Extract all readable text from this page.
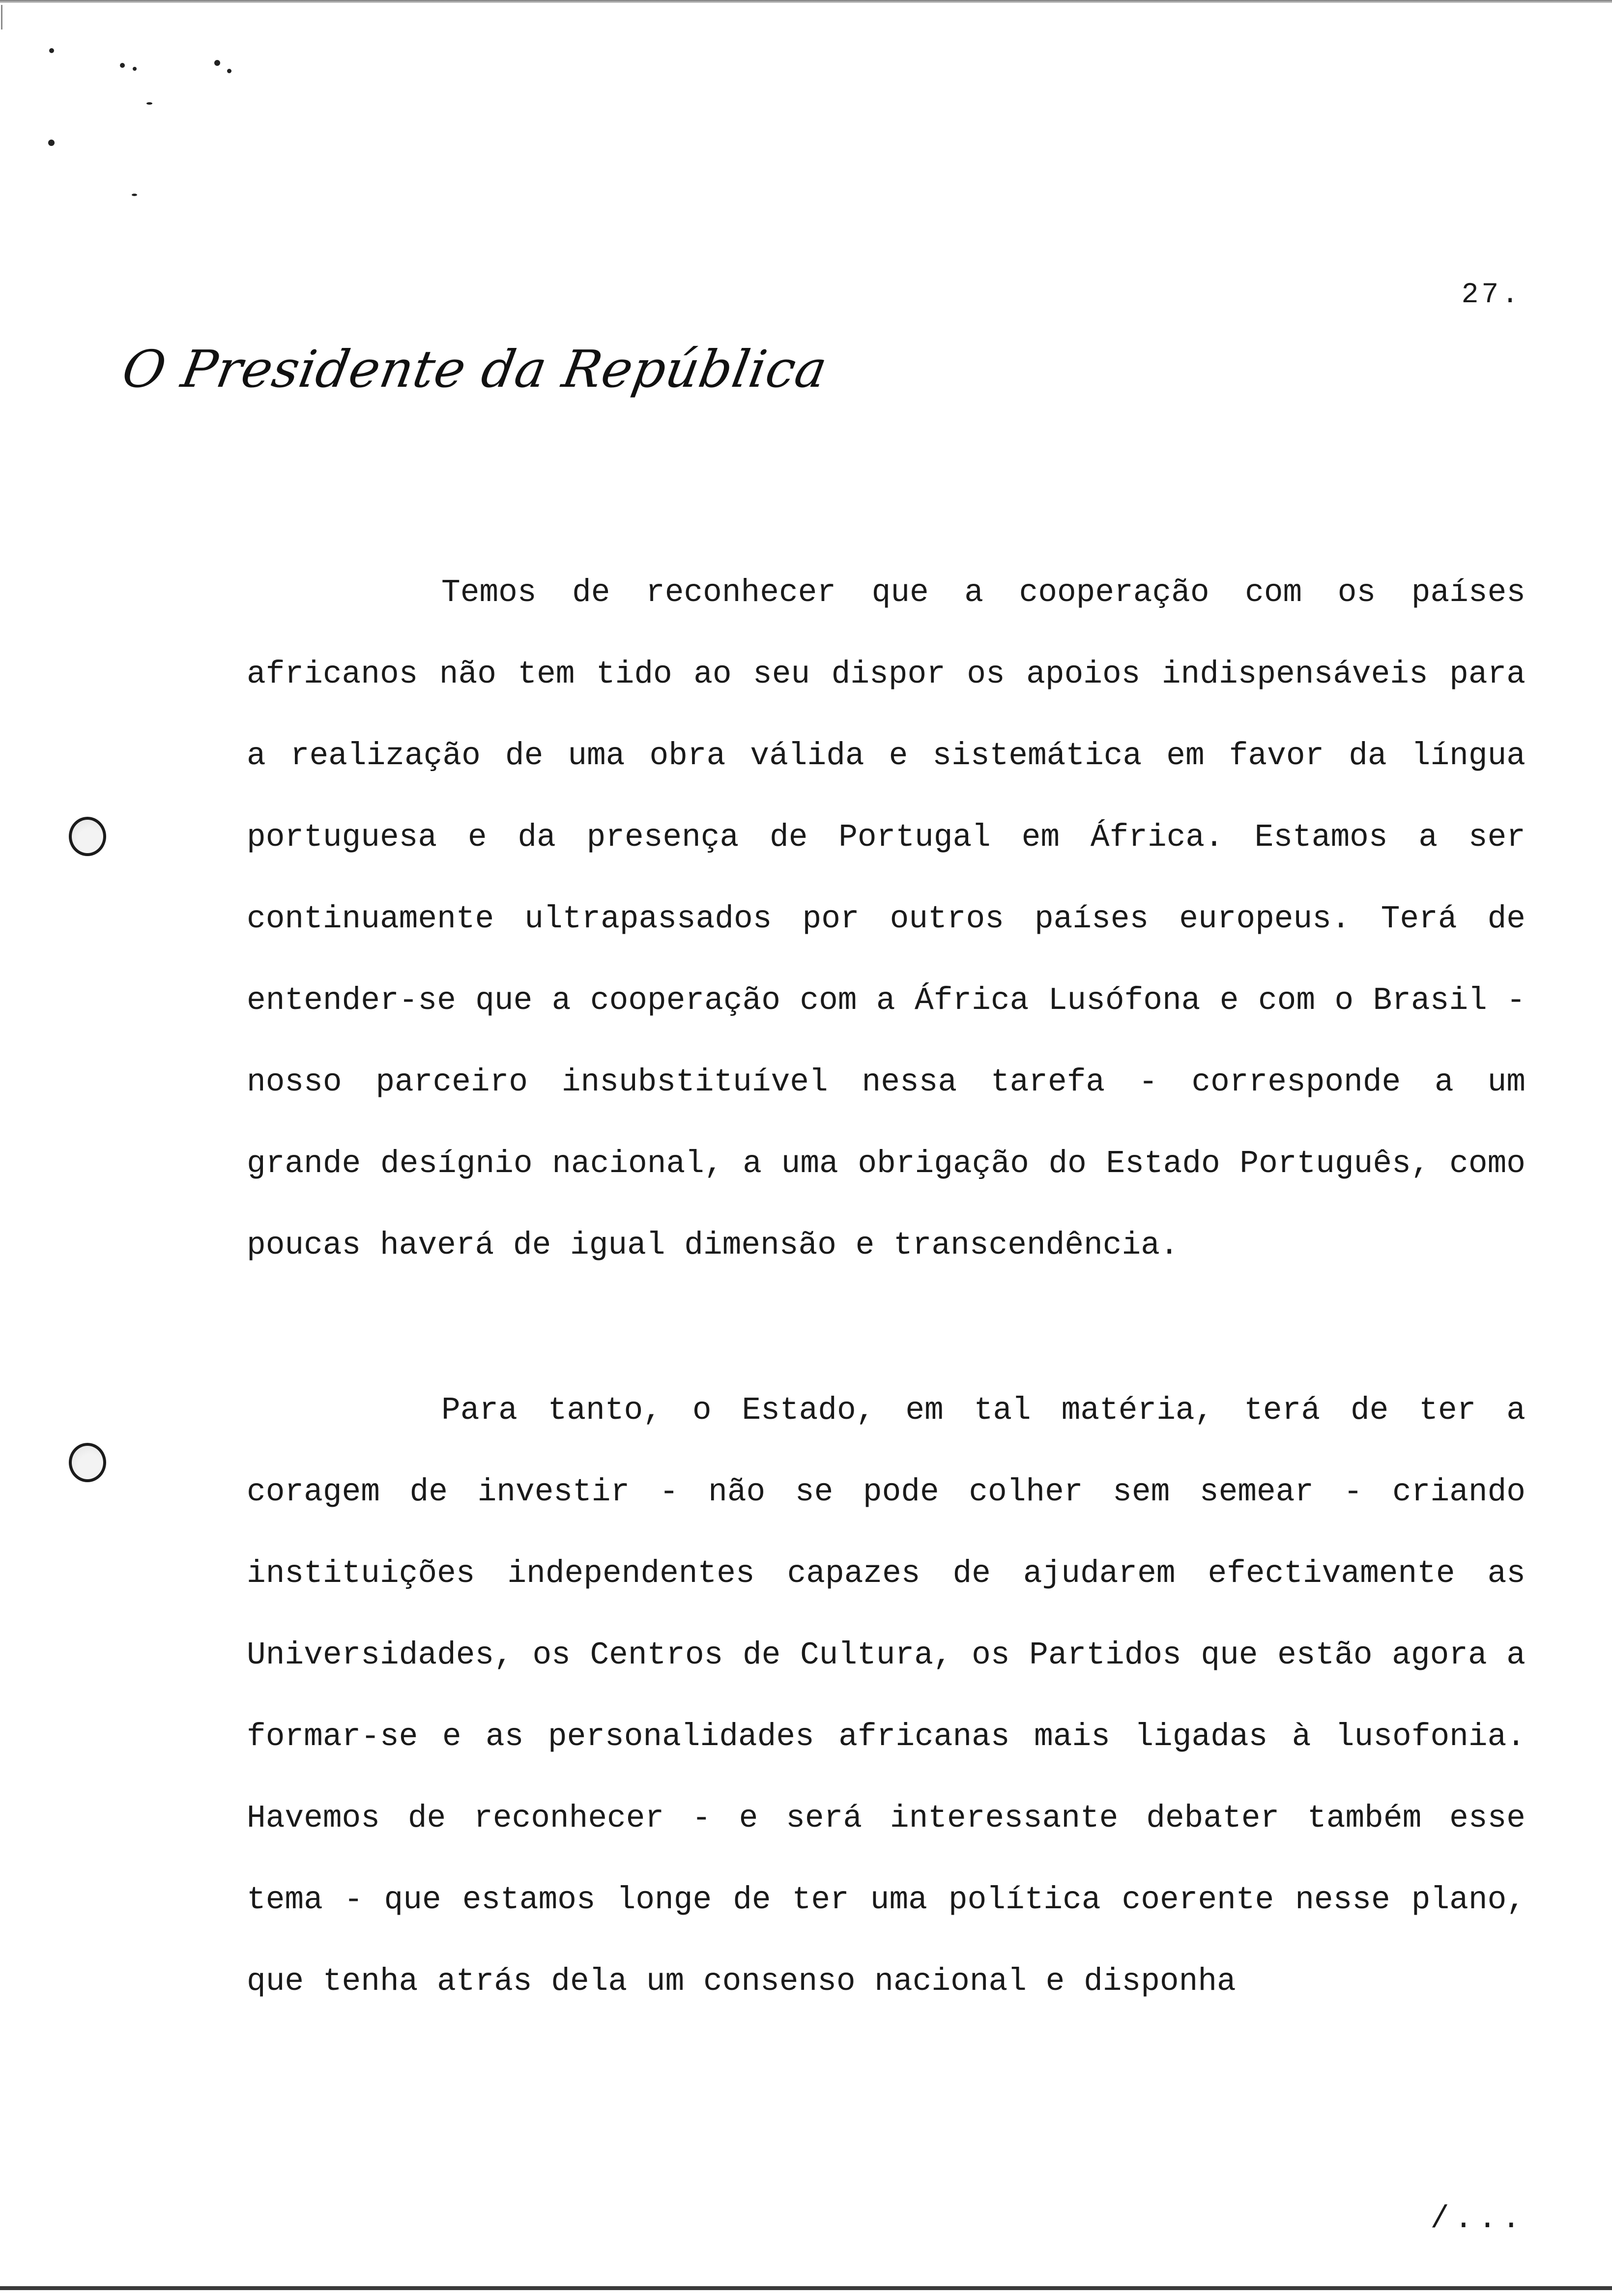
27.
O Presidente da República

Temos de reconhecer que a cooperação com os países africanos não tem tido ao seu dispor os apoios indispensáveis para a realização de uma obra válida e sistemática em favor da língua portuguesa e da presença de Portugal em África. Estamos a ser continuamente ultrapassados por outros países europeus. Terá de entender-se que a cooperação com a África Lusófona e com o Brasil - nosso parceiro insubstituível nessa tarefa - corresponde a um grande desígnio nacional, a uma obrigação do Estado Português, como poucas haverá de igual dimensão e transcendência.

Para tanto, o Estado, em tal matéria, terá de ter a coragem de investir - não se pode colher sem semear - criando instituições independentes capazes de ajudarem efectivamente as Universidades, os Centros de Cultura, os Partidos que estão agora a formar-se e as personalidades africanas mais ligadas à lusofonia. Havemos de reconhecer - e será interessante debater também esse tema - que estamos longe de ter uma política coerente nesse plano, que tenha atrás dela um consenso nacional e disponha

/...
